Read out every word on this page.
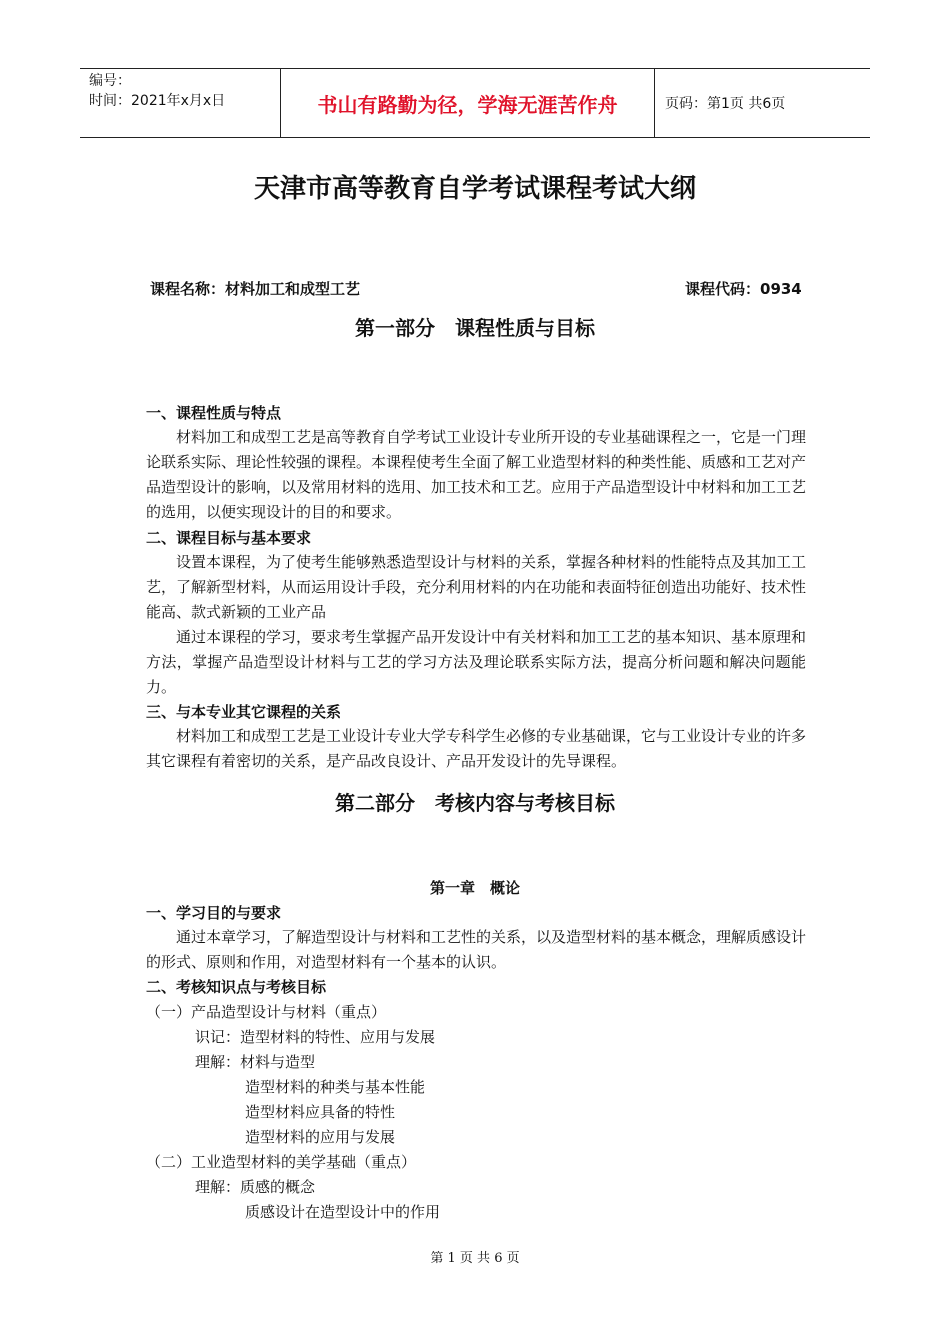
编号：
时间：2021年x月x日	书山有路勤为径，学海无涯苦作舟	页码：第1页 共6页
天津市高等教育自学考试课程考试大纲
课程名称：材料加工和成型工艺	课程代码：0934
第一部分　课程性质与目标
一、课程性质与特点

材料加工和成型工艺是高等教育自学考试工业设计专业所开设的专业基础课程之一，它是一门理论联系实际、理论性较强的课程。本课程使考生全面了解工业造型材料的种类性能、质感和工艺对产品造型设计的影响，以及常用材料的选用、加工技术和工艺。应用于产品造型设计中材料和加工工艺的选用，以便实现设计的目的和要求。

二、课程目标与基本要求

设置本课程，为了使考生能够熟悉造型设计与材料的关系，掌握各种材料的性能特点及其加工工艺，了解新型材料，从而运用设计手段，充分利用材料的内在功能和表面特征创造出功能好、技术性能高、款式新颖的工业产品

通过本课程的学习，要求考生掌握产品开发设计中有关材料和加工工艺的基本知识、基本原理和方法，掌握产品造型设计材料与工艺的学习方法及理论联系实际方法，提高分析问题和解决问题能力。

三、与本专业其它课程的关系

材料加工和成型工艺是工业设计专业大学专科学生必修的专业基础课，它与工业设计专业的许多其它课程有着密切的关系，是产品改良设计、产品开发设计的先导课程。

第二部分　考核内容与考核目标
第一章　概论
一、学习目的与要求

通过本章学习，了解造型设计与材料和工艺性的关系，以及造型材料的基本概念，理解质感设计的形式、原则和作用，对造型材料有一个基本的认识。

二、考核知识点与考核目标
（一）产品造型设计与材料（重点）
识记：造型材料的特性、应用与发展
理解：材料与造型
造型材料的种类与基本性能
造型材料应具备的特性
造型材料的应用与发展
（二）工业造型材料的美学基础（重点）
理解：质感的概念
质感设计在造型设计中的作用
第 1 页 共 6 页
